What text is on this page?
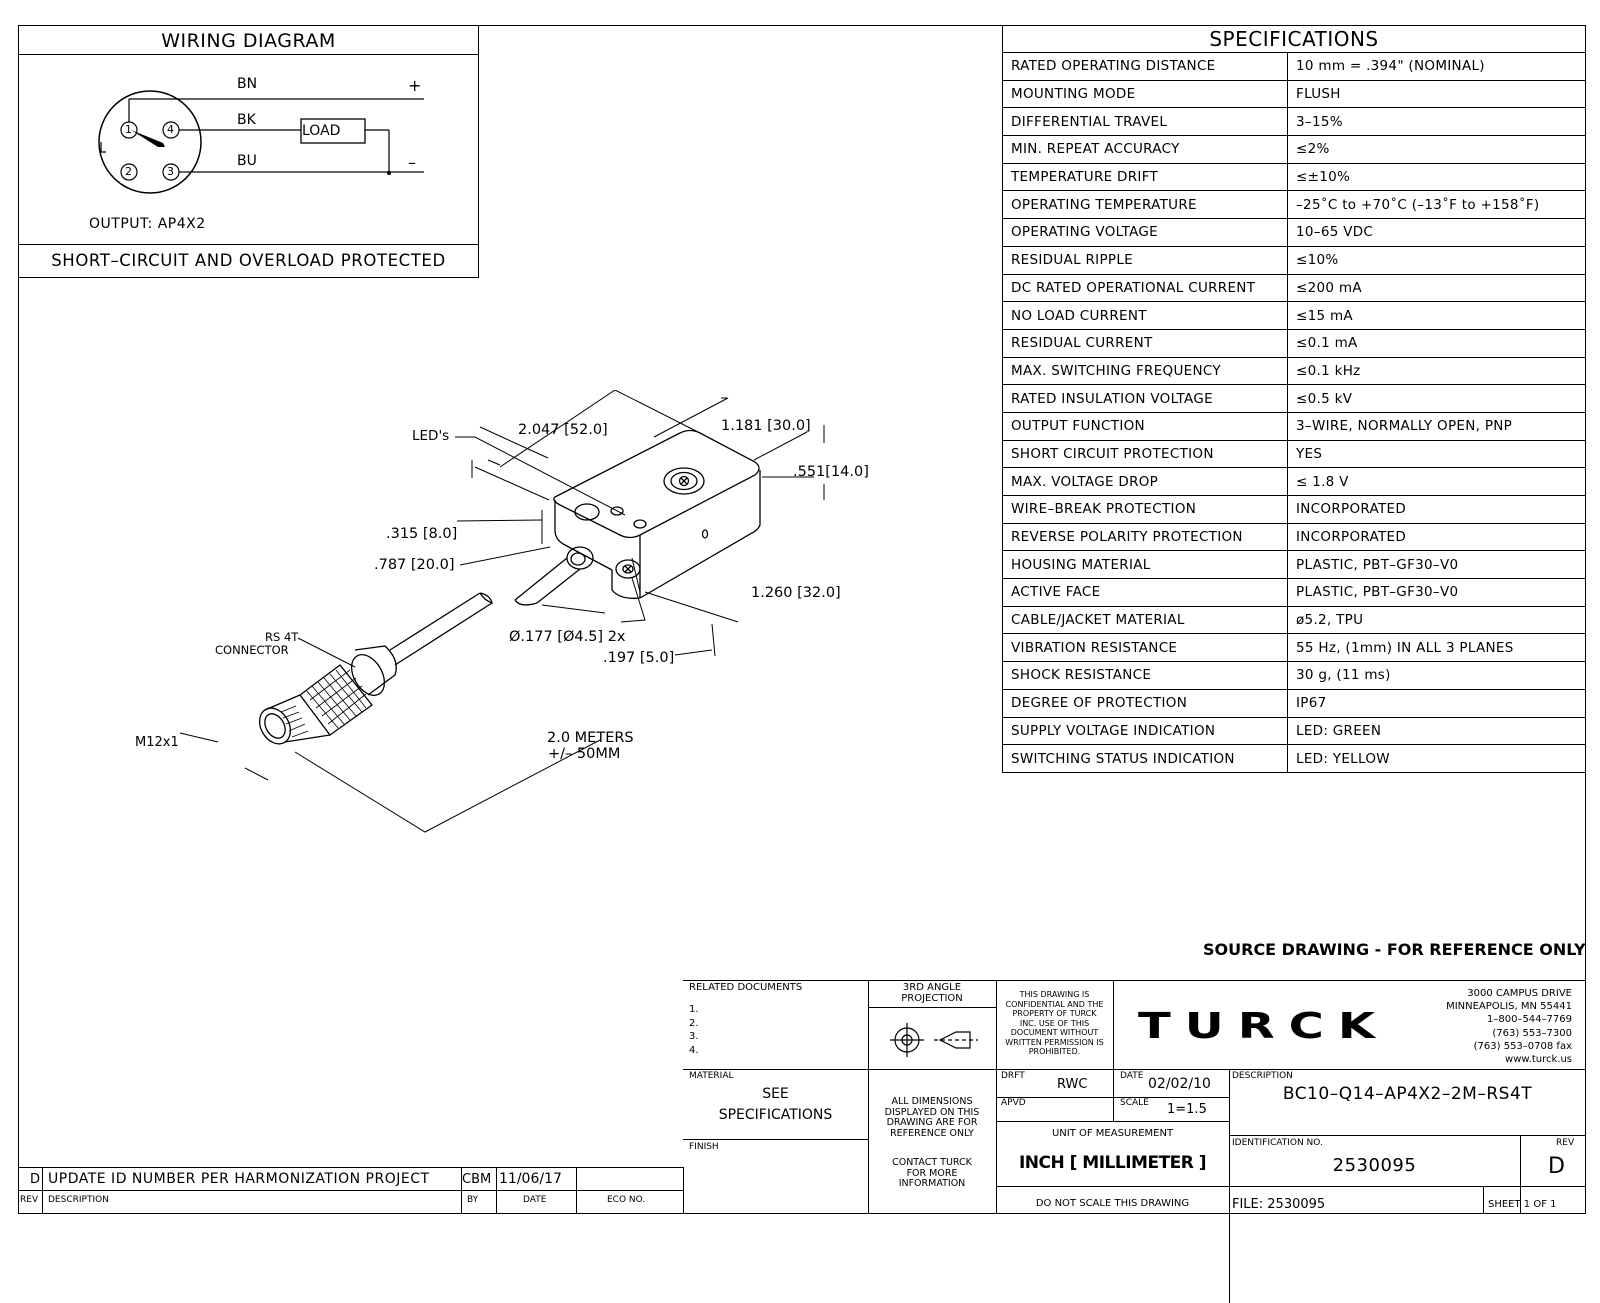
WIRING DIAGRAM
BN
BK
BU
+
–
LOAD
1
2	3
4
OUTPUT: AP4X2
SHORT–CIRCUIT AND OVERLOAD PROTECTED
SPECIFICATIONS	
RATED OPERATING DISTANCE	10 mm = .394" (NOMINAL)
MOUNTING MODE	FLUSH
DIFFERENTIAL TRAVEL	3–15%
MIN. REPEAT ACCURACY	≤2%
TEMPERATURE DRIFT	≤±10%
OPERATING TEMPERATURE	–25˚C to +70˚C (–13˚F to +158˚F)
OPERATING VOLTAGE	10–65 VDC
RESIDUAL RIPPLE	≤10%
DC RATED OPERATIONAL CURRENT	≤200 mA
NO LOAD CURRENT	≤15 mA
RESIDUAL CURRENT	≤0.1 mA
MAX. SWITCHING FREQUENCY	≤0.1 kHz
RATED INSULATION VOLTAGE	≤0.5 kV
OUTPUT FUNCTION	3–WIRE, NORMALLY OPEN, PNP
SHORT CIRCUIT PROTECTION	YES
MAX. VOLTAGE DROP	≤ 1.8 V
WIRE–BREAK PROTECTION	INCORPORATED
REVERSE POLARITY PROTECTION	INCORPORATED
HOUSING MATERIAL	PLASTIC, PBT–GF30–V0
ACTIVE FACE	PLASTIC, PBT–GF30–V0
CABLE/JACKET MATERIAL	ø5.2, TPU
VIBRATION RESISTANCE	55 Hz, (1mm) IN ALL 3 PLANES
SHOCK RESISTANCE	30 g, (11 ms)
DEGREE OF PROTECTION	IP67
SUPPLY VOLTAGE INDICATION	LED: GREEN
SWITCHING STATUS INDICATION	LED: YELLOW
LED's	2.047 [52.0]	1.181 [30.0]
.551[14.0]
.315 [8.0]
.787 [20.0]
1.260 [32.0]
Ø.177 [Ø4.5] 2x
.197 [5.0]
RS 4T
CONNECTOR
M12x1	2.0 METERS
+/– 50MM
SOURCE DRAWING - FOR REFERENCE ONLY
RELATED DOCUMENTS
1.
2.
3.
4.
3RD ANGLE
PROJECTION	THIS DRAWING IS
CONFIDENTIAL AND THE
PROPERTY OF TURCK
INC. USE OF THIS
DOCUMENT WITHOUT
WRITTEN PERMISSION IS
PROHIBITED.
TURCK
3000 CAMPUS DRIVE
MINNEAPOLIS, MN 55441
1–800–544–7769
(763) 553–7300
(763) 553–0708 fax
www.turck.us
MATERIAL
SEE
SPECIFICATIONS
FINISH
ALL DIMENSIONS
DISPLAYED ON THIS
DRAWING ARE FOR
REFERENCE ONLY
CONTACT TURCK
FOR MORE
INFORMATION
DRFT
RWC
DATE 02/02/10
APVD	SCALE 1=1.5
UNIT OF MEASUREMENT
INCH [ MILLIMETER ]
DO NOT SCALE THIS DRAWING
DESCRIPTION
BC10–Q14–AP4X2–2M–RS4T
IDENTIFICATION NO.
2530095
REV
D
FILE: 2530095	SHEET 1 OF 1
D UPDATE ID NUMBER PER HARMONIZATION PROJECT CBM 11/06/17
REV DESCRIPTION	BY	DATE	ECO NO.
